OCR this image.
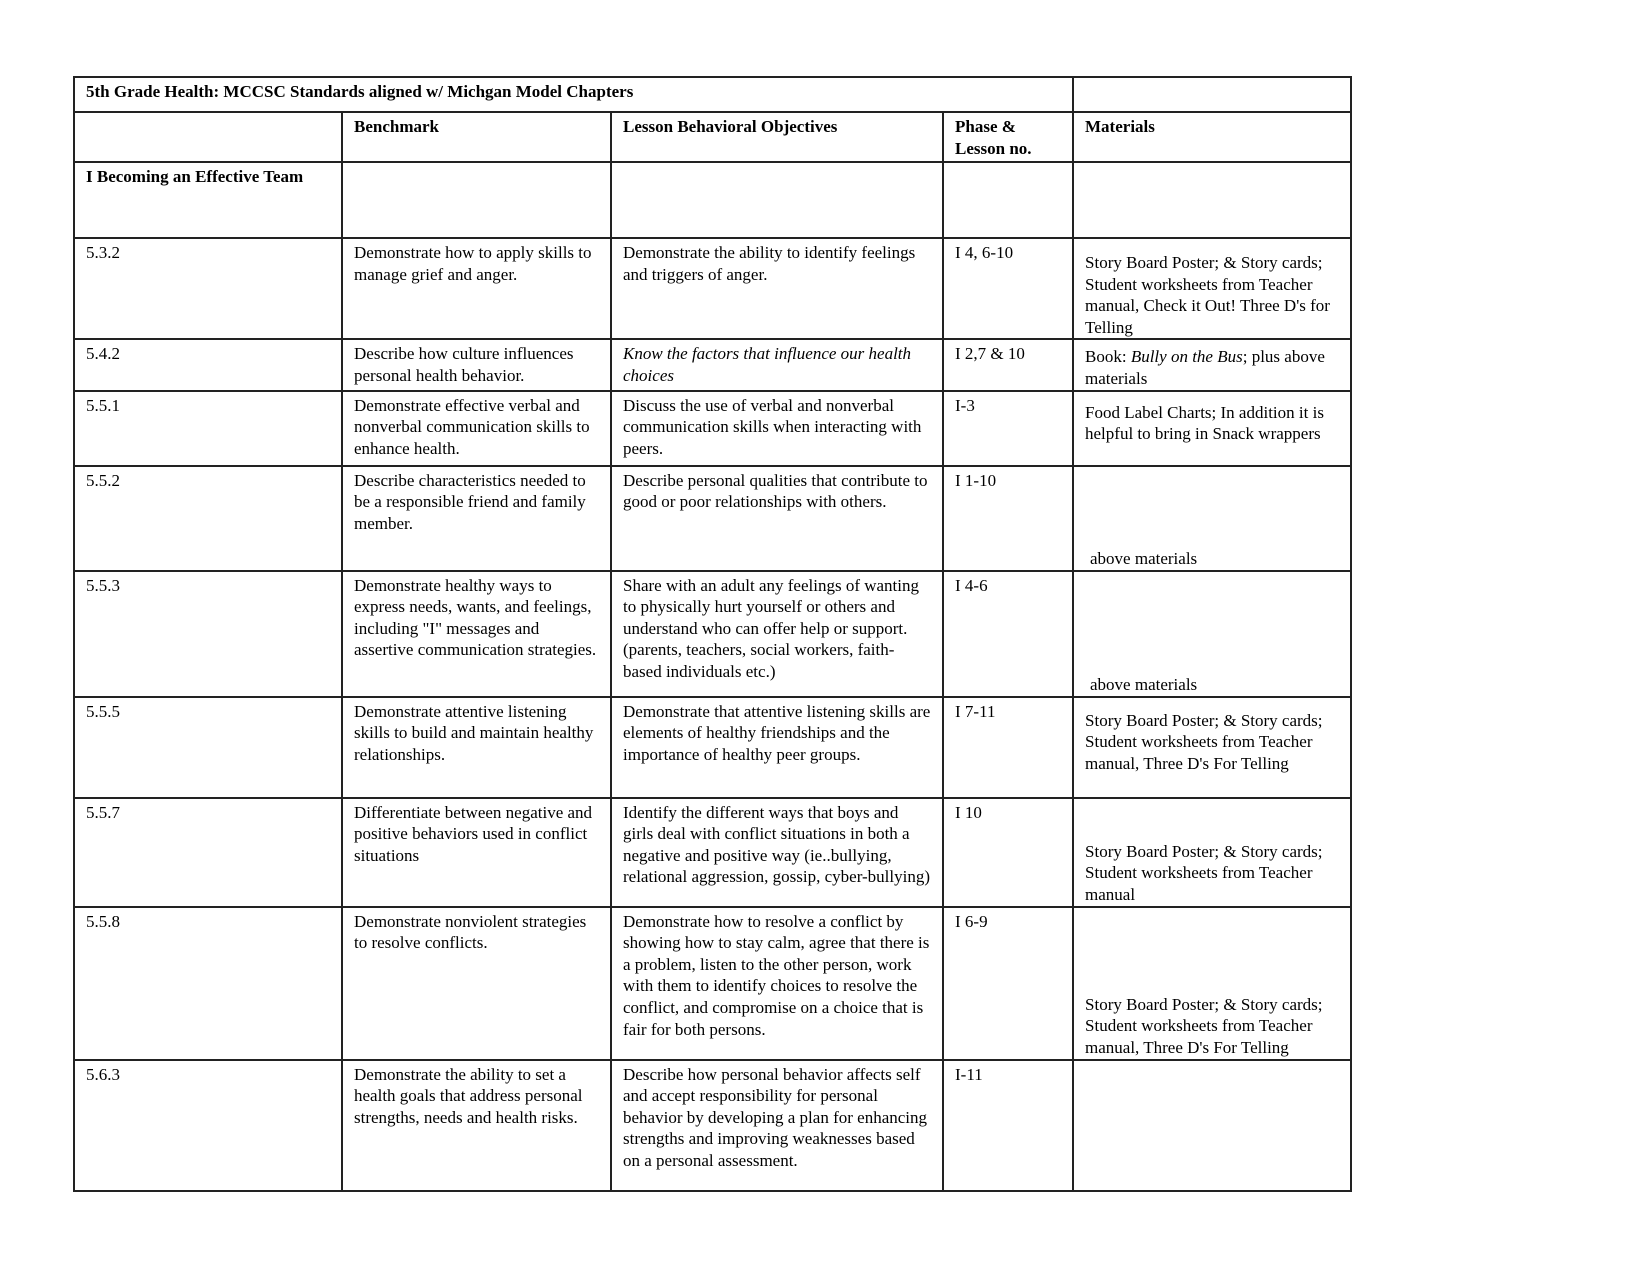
5th Grade Health: MCCSC Standards aligned w/ Michgan Model Chapters				
	Benchmark	Lesson Behavioral Objectives	Phase & Lesson no.	Materials
I Becoming an Effective Team				
5.3.2	Demonstrate how to apply skills to manage grief and anger.	Demonstrate the ability to identify feelings and triggers of anger.	I 4, 6-10	Story Board Poster; & Story cards; Student worksheets from Teacher manual, Check it Out! Three D's for Telling

5.4.2	Describe how culture influences personal health behavior.	Know the factors that influence our health choices	I 2,7 & 10	Book: Bully on the Bus; plus above materials
5.5.1	Demonstrate effective verbal and nonverbal communication skills to enhance health.	Discuss the use of verbal and nonverbal communication skills when interacting with peers.	I-3	Food Label Charts; In addition it is helpful to bring in Snack wrappers
5.5.2	Describe characteristics needed to be a responsible friend and family member.	Describe personal qualities that contribute to good or poor relationships with others.	I 1-10	above materials

5.5.3	Demonstrate healthy ways to express needs, wants, and feelings, including "I" messages and assertive communication strategies.	Share with an adult any feelings of wanting to physically hurt yourself or others and understand who can offer help or support.(parents, teachers, social workers, faith-based individuals etc.)	I 4-6	above materials

5.5.5	Demonstrate attentive listening skills to build and maintain healthy relationships.	Demonstrate that attentive listening skills are elements of healthy friendships and the importance of healthy peer groups.	I 7-11	Story Board Poster; & Story cards; Student worksheets from Teacher manual, Three D's For Telling
5.5.7	Differentiate between negative and positive behaviors used in conflict situations	Identify the different ways that boys and girls deal with conflict situations in both a negative and positive way (ie..bullying, relational aggression, gossip, cyber-bullying)	I 10	Story Board Poster; & Story cards; Student worksheets from Teacher manual

5.5.8	Demonstrate nonviolent strategies to resolve conflicts.	Demonstrate how to resolve a conflict by showing how to stay calm, agree that there is a problem, listen to the other person, work with them to identify choices to resolve the conflict, and compromise on a choice that is fair for both persons.	I 6-9	Story Board Poster; & Story cards; Student worksheets from Teacher manual, Three D's For Telling

5.6.3	Demonstrate the ability to set a health goals that address personal strengths, needs and health risks.	Describe how personal behavior affects self and accept responsibility for personal behavior by developing a plan for enhancing strengths and improving weaknesses based on a personal assessment.	I-11	
